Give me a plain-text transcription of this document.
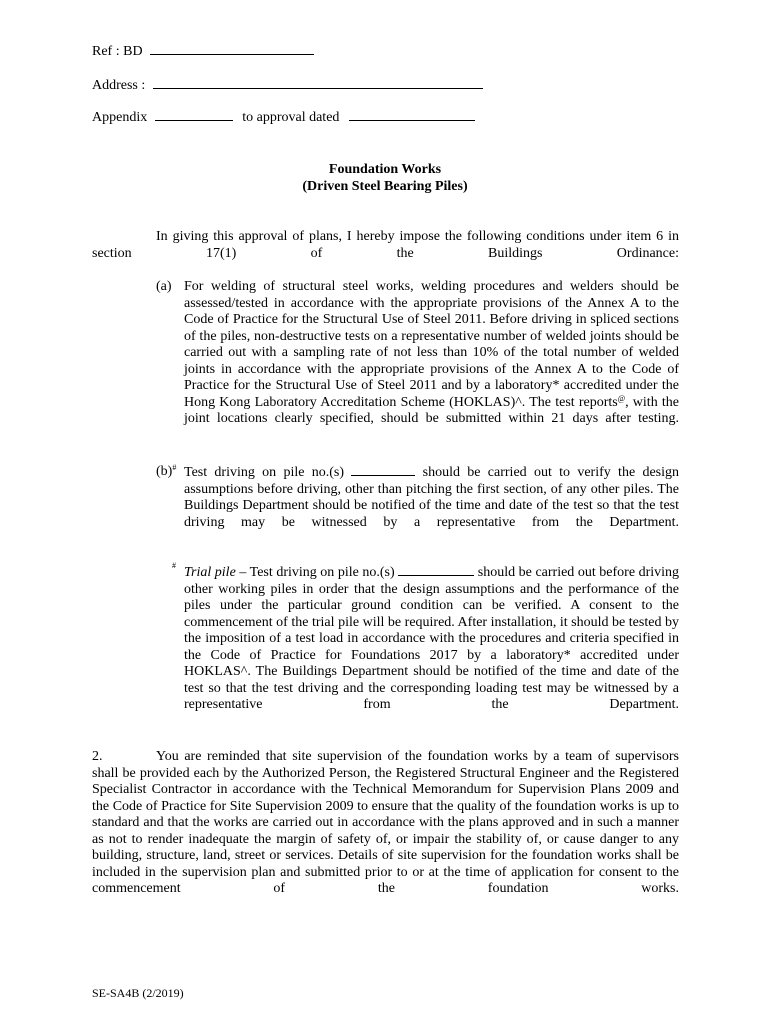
Ref : BD
Address :
Appendix	to approval dated
Foundation Works
(Driven Steel Bearing Piles)
In giving this approval of plans, I hereby impose the following conditions under item 6 in section 17(1) of the Buildings Ordinance:
(a) For welding of structural steel works, welding procedures and welders should be assessed/tested in accordance with the appropriate provisions of the Annex A to the Code of Practice for the Structural Use of Steel 2011. Before driving in spliced sections of the piles, non-destructive tests on a representative number of welded joints should be carried out with a sampling rate of not less than 10% of the total number of welded joints in accordance with the appropriate provisions of the Annex A to the Code of Practice for the Structural Use of Steel 2011 and by a laboratory* accredited under the Hong Kong Laboratory Accreditation Scheme (HOKLAS)^. The test reports@, with the joint locations clearly specified, should be submitted within 21 days after testing.
(b)# Test driving on pile no.(s)	should be carried out to verify the design assumptions before driving, other than pitching the first section, of any other piles. The Buildings Department should be notified of the time and date of the test so that the test driving may be witnessed by a representative from the Department.
# Trial pile – Test driving on pile no.(s)	should be carried out before driving other working piles in order that the design assumptions and the performance of the piles under the particular ground condition can be verified. A consent to the commencement of the trial pile will be required. After installation, it should be tested by the imposition of a test load in accordance with the procedures and criteria specified in the Code of Practice for Foundations 2017 by a laboratory* accredited under HOKLAS^. The Buildings Department should be notified of the time and date of the test so that the test driving and the corresponding loading test may be witnessed by a representative from the Department.
2.	You are reminded that site supervision of the foundation works by a team of supervisors shall be provided each by the Authorized Person, the Registered Structural Engineer and the Registered Specialist Contractor in accordance with the Technical Memorandum for Supervision Plans 2009 and the Code of Practice for Site Supervision 2009 to ensure that the quality of the foundation works is up to standard and that the works are carried out in accordance with the plans approved and in such a manner as not to render inadequate the margin of safety of, or impair the stability of, or cause danger to any building, structure, land, street or services. Details of site supervision for the foundation works shall be included in the supervision plan and submitted prior to or at the time of application for consent to the commencement of the foundation works.
SE-SA4B (2/2019)
